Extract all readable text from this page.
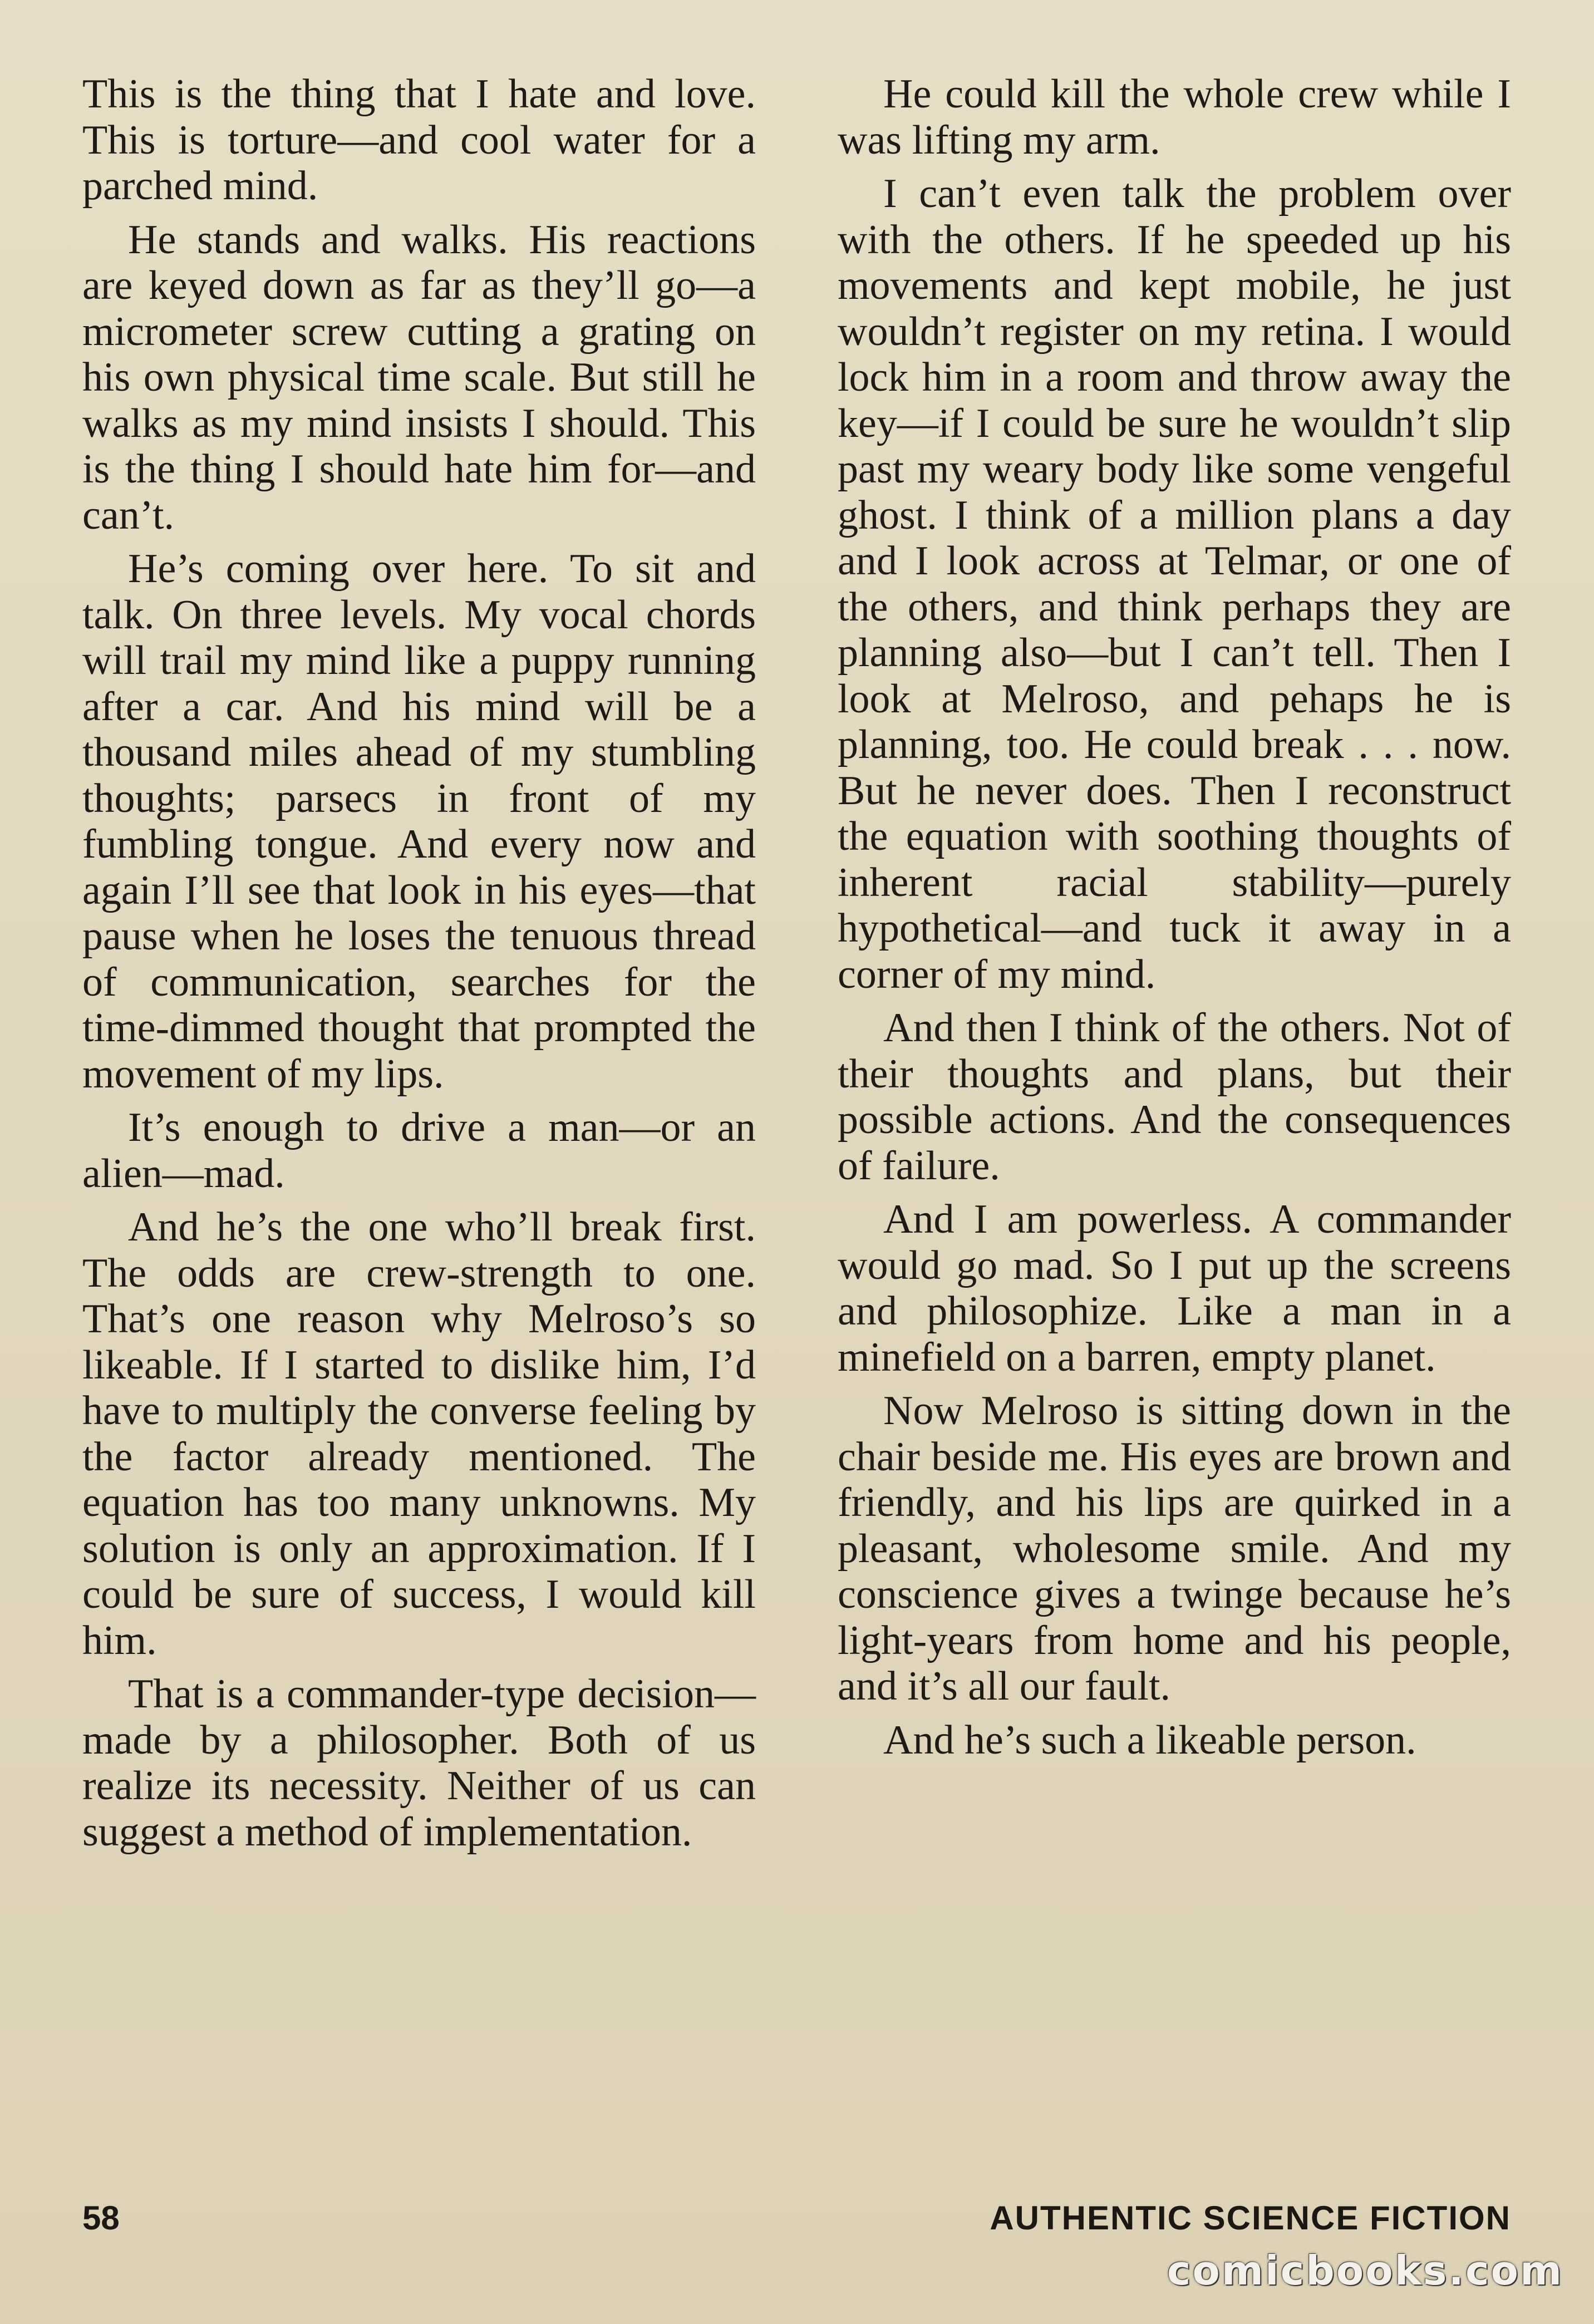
This is the thing that I hate and love. This is torture—and cool water for a parched mind.

He stands and walks. His reactions are keyed down as far as they’ll go—a micrometer screw cutting a grating on his own physical time scale. But still he walks as my mind insists I should. This is the thing I should hate him for—and can’t.

He’s coming over here. To sit and talk. On three levels. My vocal chords will trail my mind like a puppy running after a car. And his mind will be a thousand miles ahead of my stumbling thoughts; parsecs in front of my fumbling tongue. And every now and again I’ll see that look in his eyes—that pause when he loses the tenuous thread of communication, searches for the time-dimmed thought that prompted the movement of my lips.

It’s enough to drive a man—or an alien—mad.

And he’s the one who’ll break first. The odds are crew-strength to one. That’s one reason why Melroso’s so likeable. If I started to dislike him, I’d have to multiply the converse feeling by the factor already mentioned. The equation has too many unknowns. My solution is only an approximation. If I could be sure of success, I would kill him.

That is a commander-type decision—made by a philosopher. Both of us realize its necessity. Neither of us can suggest a method of implementation.

He could kill the whole crew while I was lifting my arm.

I can’t even talk the problem over with the others. If he speeded up his movements and kept mobile, he just wouldn’t register on my retina. I would lock him in a room and throw away the key—if I could be sure he wouldn’t slip past my weary body like some vengeful ghost. I think of a million plans a day and I look across at Telmar, or one of the others, and think perhaps they are planning also—but I can’t tell. Then I look at Melroso, and pehaps he is planning, too. He could break . . . now. But he never does. Then I reconstruct the equation with soothing thoughts of inherent racial stability—purely hypothetical—and tuck it away in a corner of my mind.

And then I think of the others. Not of their thoughts and plans, but their possible actions. And the consequences of failure.

And I am powerless. A commander would go mad. So I put up the screens and philosophize. Like a man in a minefield on a barren, empty planet.

Now Melroso is sitting down in the chair beside me. His eyes are brown and friendly, and his lips are quirked in a pleasant, wholesome smile. And my conscience gives a twinge because he’s light-years from home and his people, and it’s all our fault.

And he’s such a likeable person.

58	AUTHENTIC SCIENCE FICTION
comicbooks.com
